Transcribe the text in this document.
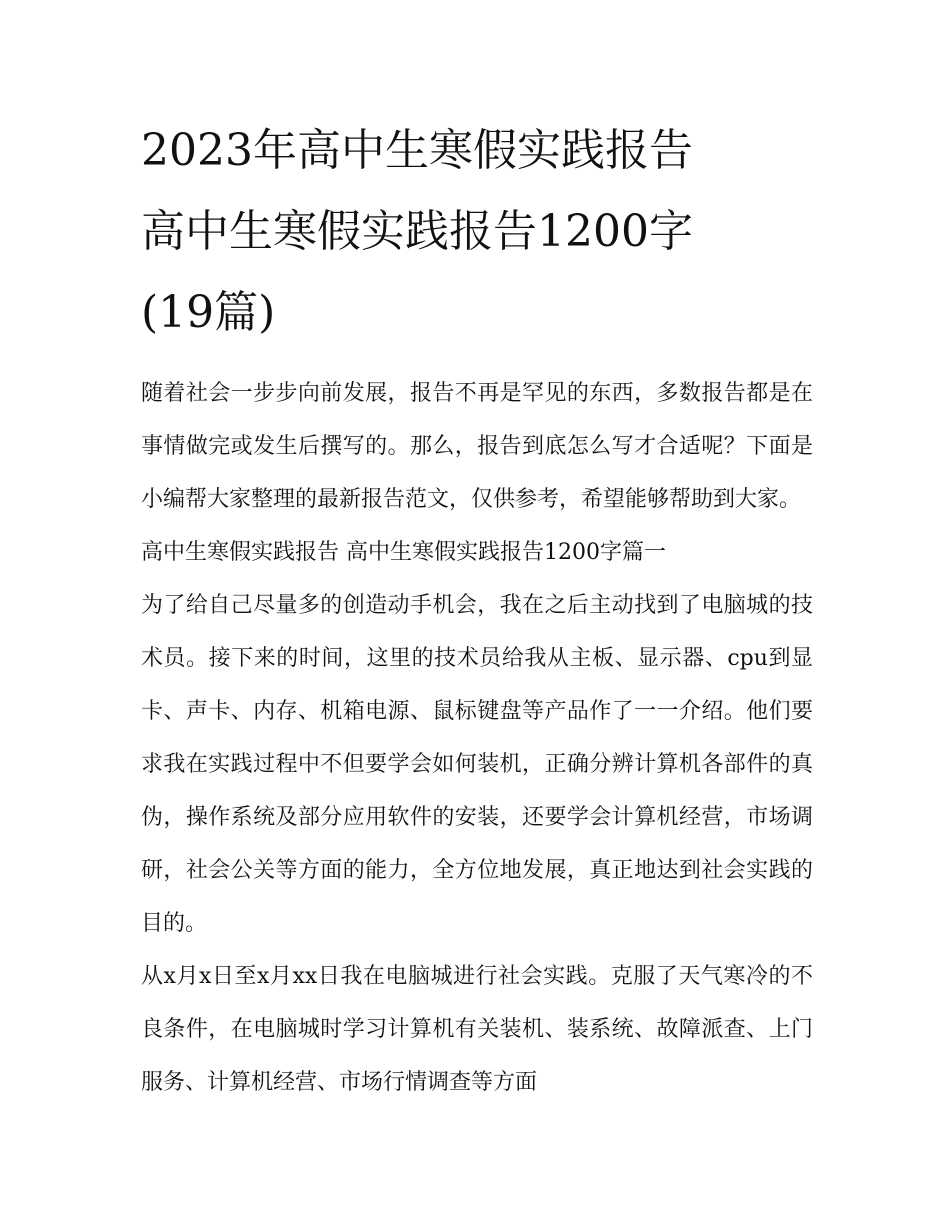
2023年高中生寒假实践报告
高中生寒假实践报告1200字
(19篇)

随着社会一步步向前发展，报告不再是罕见的东西，多数报告都是在事情做完或发生后撰写的。那么，报告到底怎么写才合适呢？下面是小编帮大家整理的最新报告范文，仅供参考，希望能够帮助到大家。

高中生寒假实践报告 高中生寒假实践报告1200字篇一

为了给自己尽量多的创造动手机会，我在之后主动找到了电脑城的技术员。接下来的时间，这里的技术员给我从主板、显示器、cpu到显卡、声卡、内存、机箱电源、鼠标键盘等产品作了一一介绍。他们要求我在实践过程中不但要学会如何装机，正确分辨计算机各部件的真伪，操作系统及部分应用软件的安装，还要学会计算机经营，市场调研，社会公关等方面的能力，全方位地发展，真正地达到社会实践的目的。

从x月x日至x月xx日我在电脑城进行社会实践。克服了天气寒冷的不良条件，在电脑城时学习计算机有关装机、装系统、故障派查、上门服务、计算机经营、市场行情调查等方面
